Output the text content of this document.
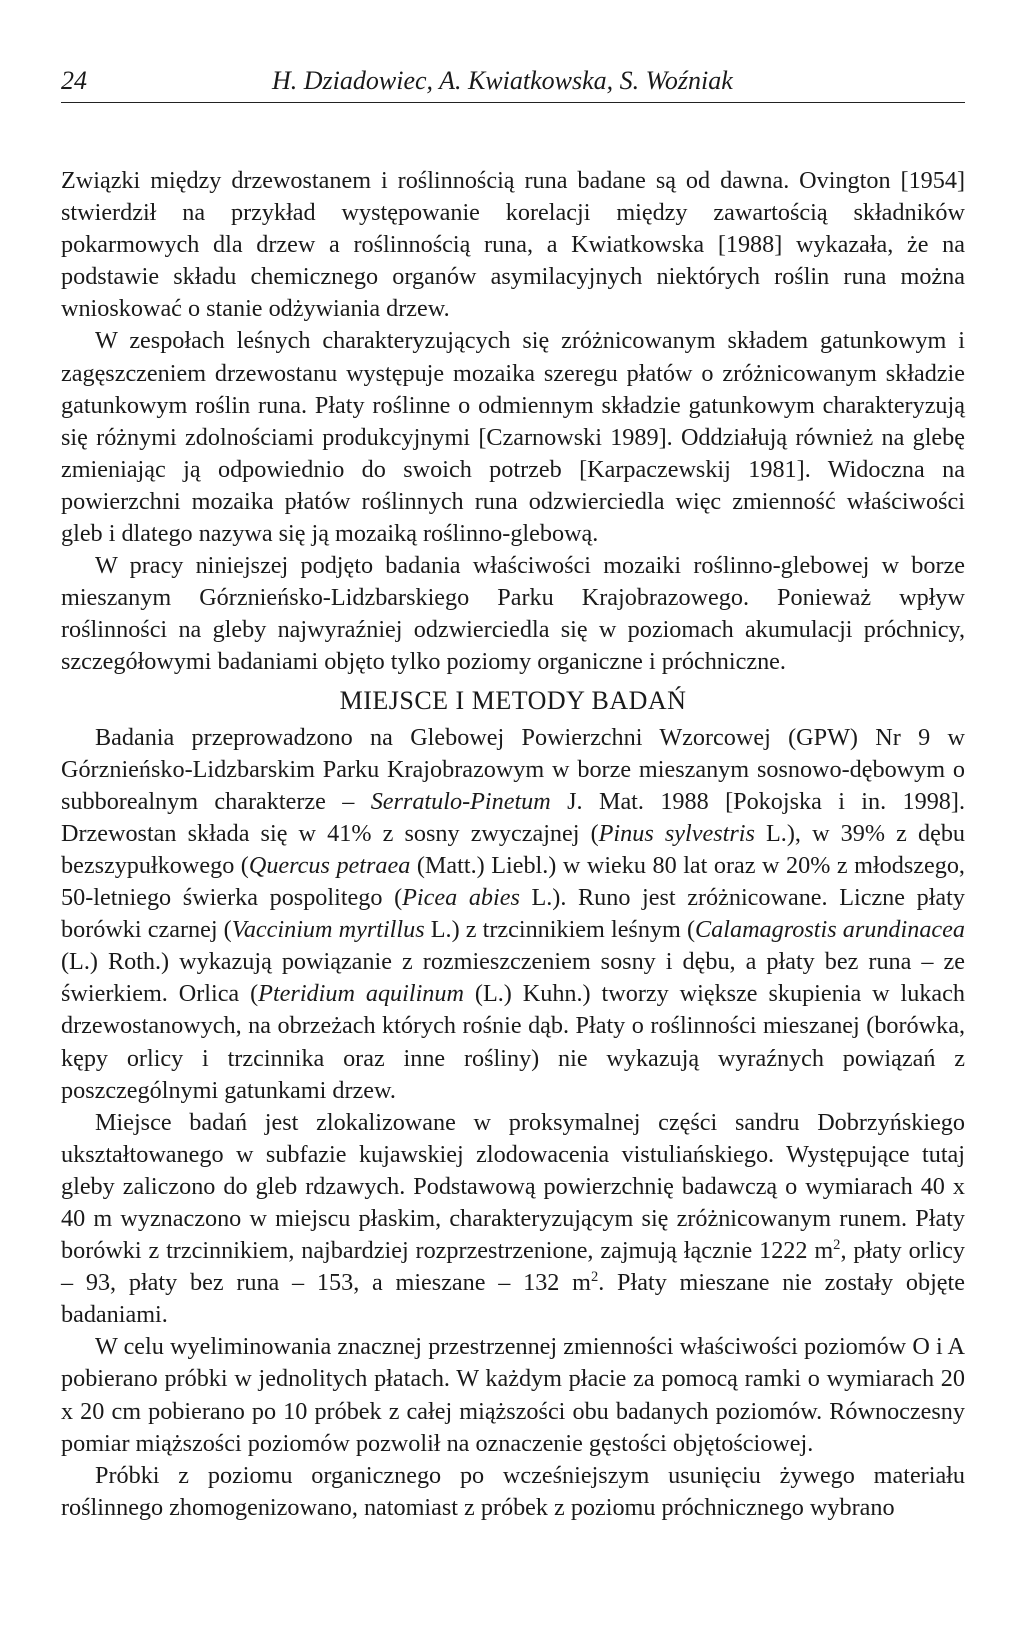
24	H. Dziadowiec, A. Kwiatkowska, S. Woźniak

Związki między drzewostanem i roślinnością runa badane są od dawna. Ovington [1954] stwierdził na przykład występowanie korelacji między zawartością składników pokarmowych dla drzew a roślinnością runa, a Kwiatkowska [1988] wykazała, że na podstawie składu chemicznego organów asymilacyjnych niektórych roślin runa można wnioskować o stanie odżywiania drzew.

W zespołach leśnych charakteryzujących się zróżnicowanym składem gatunkowym i zagęszczeniem drzewostanu występuje mozaika szeregu płatów o zróżnicowanym składzie gatunkowym roślin runa. Płaty roślinne o odmiennym składzie gatunkowym charakteryzują się różnymi zdolnościami produkcyjnymi [Czarnowski 1989]. Oddziałują również na glebę zmieniając ją odpowiednio do swoich potrzeb [Karpaczewskij 1981]. Widoczna na powierzchni mozaika płatów roślinnych runa odzwierciedla więc zmienność właściwości gleb i dlatego nazywa się ją mozaiką roślinno-glebową.

W pracy niniejszej podjęto badania właściwości mozaiki roślinno-glebowej w borze mieszanym Górznieńsko-Lidzbarskiego Parku Krajobrazowego. Ponieważ wpływ roślinności na gleby najwyraźniej odzwierciedla się w poziomach akumulacji próchnicy, szczegółowymi badaniami objęto tylko poziomy organiczne i próchniczne.

MIEJSCE I METODY BADAŃ

Badania przeprowadzono na Glebowej Powierzchni Wzorcowej (GPW) Nr 9 w Górznieńsko-Lidzbarskim Parku Krajobrazowym w borze mieszanym sosnowo-dębowym o subborealnym charakterze – Serratulo-Pinetum J. Mat. 1988 [Pokojska i in. 1998]. Drzewostan składa się w 41% z sosny zwyczajnej (Pinus sylvestris L.), w 39% z dębu bezszypułkowego (Quercus petraea (Matt.) Liebl.) w wieku 80 lat oraz w 20% z młodszego, 50-letniego świerka pospolitego (Picea abies L.). Runo jest zróżnicowane. Liczne płaty borówki czarnej (Vaccinium myrtillus L.) z trzcinnikiem leśnym (Calamagrostis arundinacea (L.) Roth.) wykazują powiązanie z rozmieszczeniem sosny i dębu, a płaty bez runa – ze świerkiem. Orlica (Pteridium aquilinum (L.) Kuhn.) tworzy większe skupienia w lukach drzewostanowych, na obrzeżach których rośnie dąb. Płaty o roślinności mieszanej (borówka, kępy orlicy i trzcinnika oraz inne rośliny) nie wykazują wyraźnych powiązań z poszczególnymi gatunkami drzew.

Miejsce badań jest zlokalizowane w proksymalnej części sandru Dobrzyńskiego ukształtowanego w subfazie kujawskiej zlodowacenia vistuliańskiego. Występujące tutaj gleby zaliczono do gleb rdzawych. Podstawową powierzchnię badawczą o wymiarach 40 x 40 m wyznaczono w miejscu płaskim, charakteryzującym się zróżnicowanym runem. Płaty borówki z trzcinnikiem, najbardziej rozprzestrzenione, zajmują łącznie 1222 $m^2$, płaty orlicy – 93, płaty bez runa – 153, a mieszane – 132 $m^2$. Płaty mieszane nie zostały objęte badaniami.

W celu wyeliminowania znacznej przestrzennej zmienności właściwości poziomów O i A pobierano próbki w jednolitych płatach. W każdym płacie za pomocą ramki o wymiarach 20 x 20 cm pobierano po 10 próbek z całej miąższości obu badanych poziomów. Równoczesny pomiar miąższości poziomów pozwolił na oznaczenie gęstości objętościowej.

Próbki z poziomu organicznego po wcześniejszym usunięciu żywego materiału roślinnego zhomogenizowano, natomiast z próbek z poziomu próchnicznego wybrano
